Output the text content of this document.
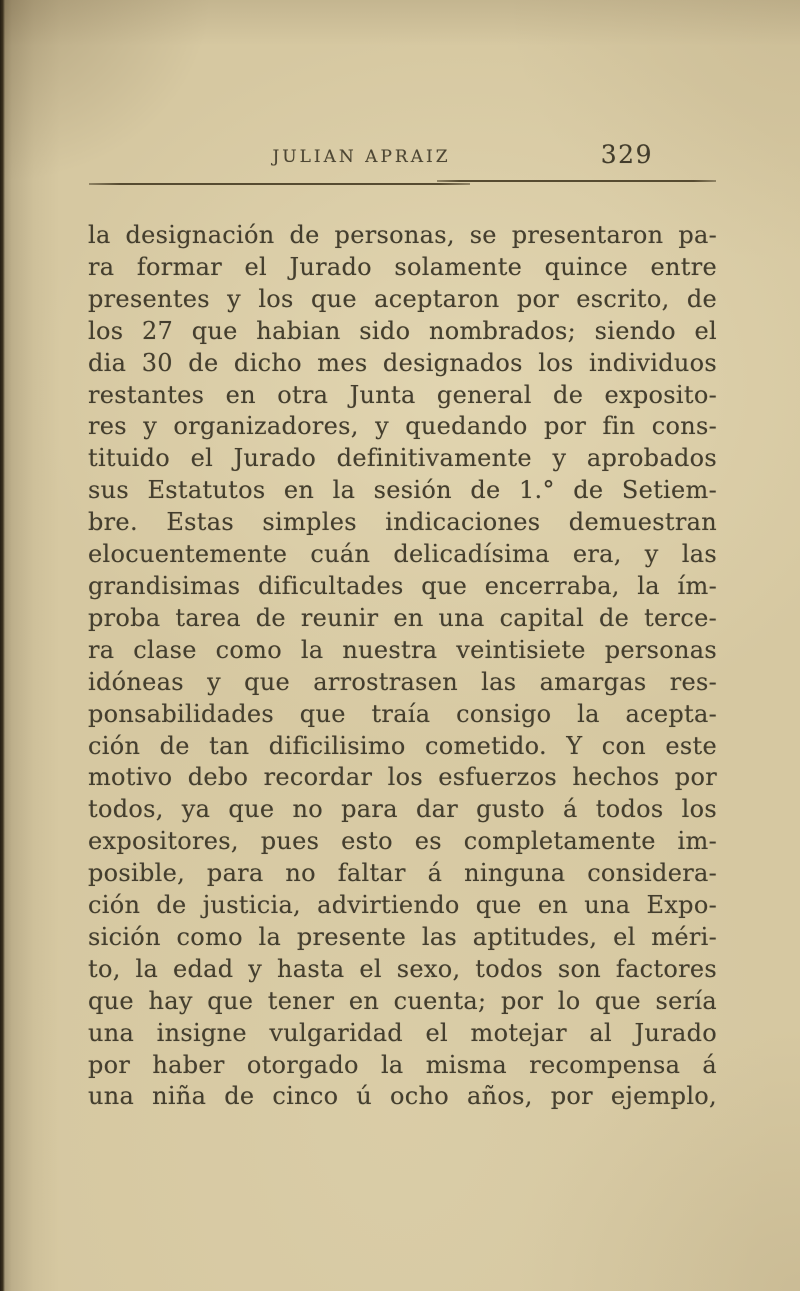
JULIAN APRAIZ	329
la designación de personas, se presentaron pa-
ra formar el Jurado solamente quince entre
presentes y los que aceptaron por escrito, de
los 27 que habian sido nombrados; siendo el
dia 30 de dicho mes designados los individuos
restantes en otra Junta general de exposito-
res y organizadores, y quedando por fin cons-
tituido el Jurado definitivamente y aprobados
sus Estatutos en la sesión de 1.° de Setiem-
bre. Estas simples indicaciones demuestran
elocuentemente cuán delicadísima era, y las
grandisimas dificultades que encerraba, la ím-
proba tarea de reunir en una capital de terce-
ra clase como la nuestra veintisiete personas
idóneas y que arrostrasen las amargas res-
ponsabilidades que traía consigo la acepta-
ción de tan dificilisimo cometido. Y con este
motivo debo recordar los esfuerzos hechos por
todos, ya que no para dar gusto á todos los
expositores, pues esto es completamente im-
posible, para no faltar á ninguna considera-
ción de justicia, advirtiendo que en una Expo-
sición como la presente las aptitudes, el méri-
to, la edad y hasta el sexo, todos son factores
que hay que tener en cuenta; por lo que sería
una insigne vulgaridad el motejar al Jurado
por haber otorgado la misma recompensa á
una niña de cinco ú ocho años, por ejemplo,
